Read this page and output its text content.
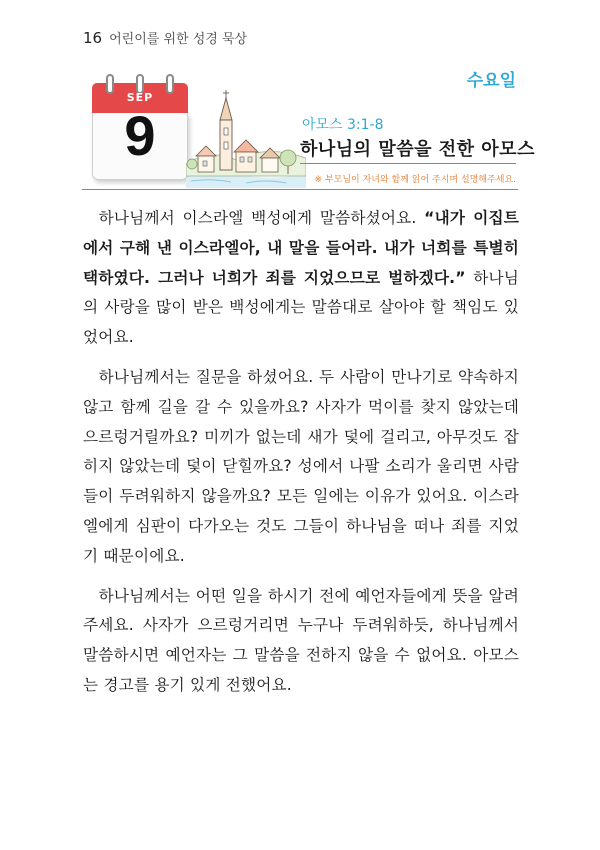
16 어린이를 위한 성경 묵상
수요일
SEP
9	아모스 3:1-8
하나님의 말씀을 전한 아모스
※ 부모님이 자녀와 함께 읽어 주시며 설명해주세요.

하나님께서 이스라엘 백성에게 말씀하셨어요. “내가 이집트에서 구해 낸 이스라엘아, 내 말을 들어라. 내가 너희를 특별히 택하였다. 그러나 너희가 죄를 지었으므로 벌하겠다.” 하나님의 사랑을 많이 받은 백성에게는 말씀대로 살아야 할 책임도 있었어요.

하나님께서는 질문을 하셨어요. 두 사람이 만나기로 약속하지 않고 함께 길을 갈 수 있을까요? 사자가 먹이를 찾지 않았는데 으르렁거릴까요? 미끼가 없는데 새가 덫에 걸리고, 아무것도 잡히지 않았는데 덫이 닫힐까요? 성에서 나팔 소리가 울리면 사람들이 두려워하지 않을까요? 모든 일에는 이유가 있어요. 이스라엘에게 심판이 다가오는 것도 그들이 하나님을 떠나 죄를 지었기 때문이에요.

하나님께서는 어떤 일을 하시기 전에 예언자들에게 뜻을 알려 주세요. 사자가 으르렁거리면 누구나 두려워하듯, 하나님께서 말씀하시면 예언자는 그 말씀을 전하지 않을 수 없어요. 아모스는 경고를 용기 있게 전했어요.
